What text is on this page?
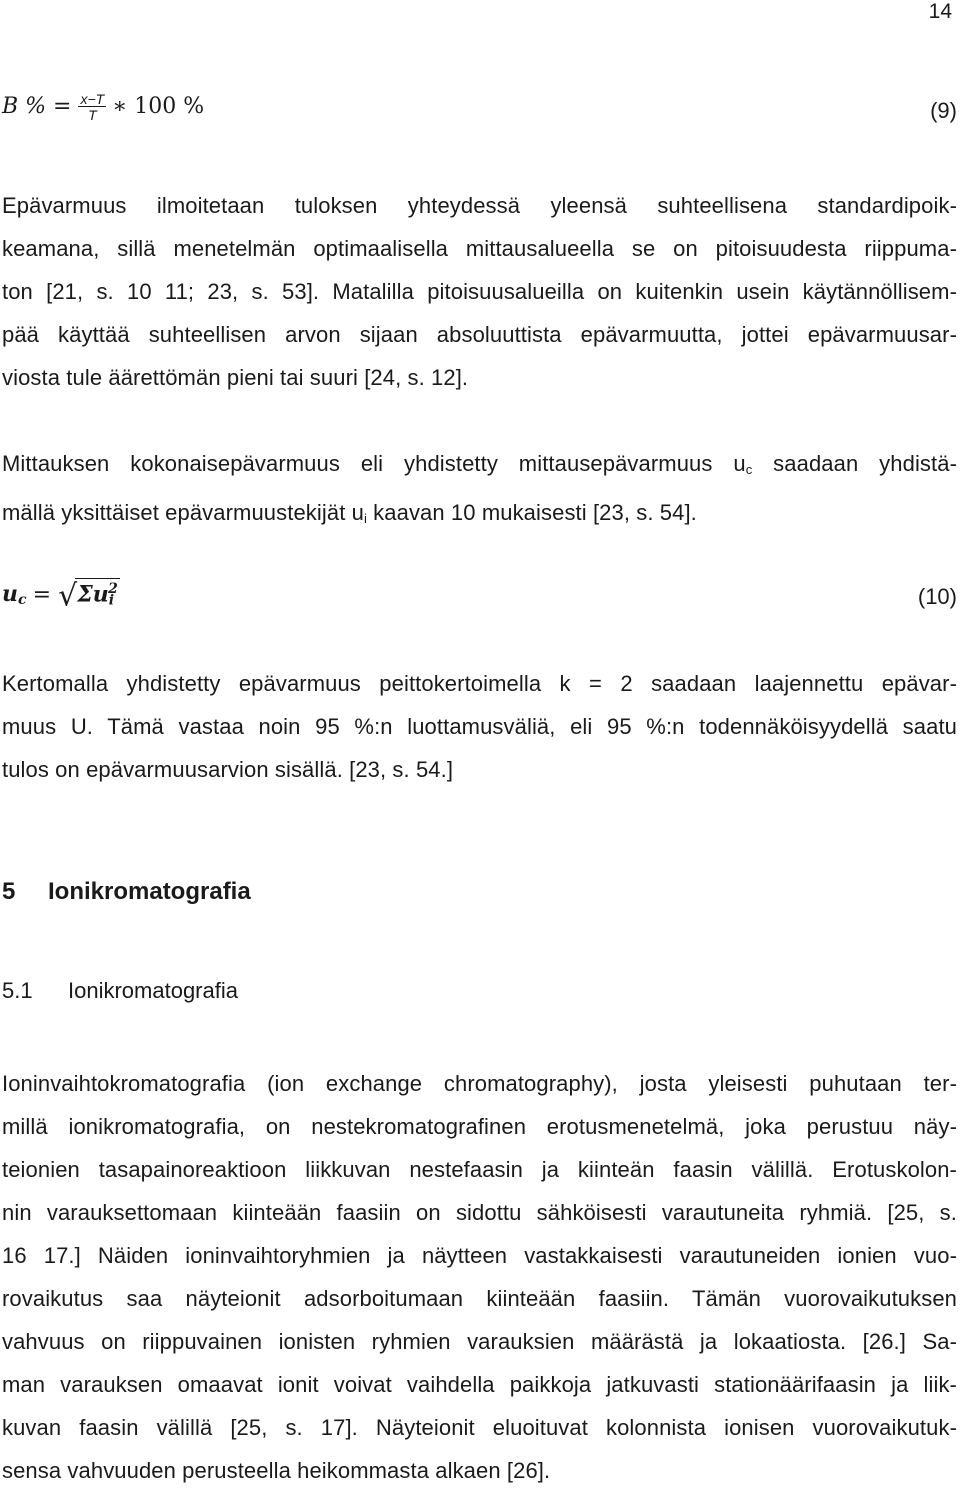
14
B % = $\frac{x-T}{T}$ ∗ 100 %	(9)
Epävarmuus ilmoitetaan tuloksen yhteydessä yleensä suhteellisena standardipoik-
keamana, sillä menetelmän optimaalisella mittausalueella se on pitoisuudesta riippuma-
ton [21, s. 10 11; 23, s. 53]. Matalilla pitoisuusalueilla on kuitenkin usein käytännöllisem-
pää käyttää suhteellisen arvon sijaan absoluuttista epävarmuutta, jottei epävarmuusar-
viosta tule äärettömän pieni tai suuri [24, s. 12].
Mittauksen kokonaisepävarmuus eli yhdistetty mittausepävarmuus $u_c$ saadaan yhdistä-
mällä yksittäiset epävarmuustekijät $u_i$ kaavan 10 mukaisesti [23, s. 54].
$u_c = √\Sigma u_i^2$	(10)
Kertomalla yhdistetty epävarmuus peittokertoimella k = 2 saadaan laajennettu epävar-
muus U. Tämä vastaa noin 95 %:n luottamusväliä, eli 95 %:n todennäköisyydellä saatu
tulos on epävarmuusarvion sisällä. [23, s. 54.]
5 Ionikromatografia
5.1 Ionikromatografia
Ioninvaihtokromatografia (ion exchange chromatography), josta yleisesti puhutaan ter-
millä ionikromatografia, on nestekromatografinen erotusmenetelmä, joka perustuu näy-
teionien tasapainoreaktioon liikkuvan nestefaasin ja kiinteän faasin välillä. Erotuskolon-
nin varauksettomaan kiinteään faasiin on sidottu sähköisesti varautuneita ryhmiä. [25, s.
16 17.] Näiden ioninvaihtoryhmien ja näytteen vastakkaisesti varautuneiden ionien vuo-
rovaikutus saa näyteionit adsorboitumaan kiinteään faasiin. Tämän vuorovaikutuksen
vahvuus on riippuvainen ionisten ryhmien varauksien määrästä ja lokaatiosta. [26.] Sa-
man varauksen omaavat ionit voivat vaihdella paikkoja jatkuvasti stationäärifaasin ja liik-
kuvan faasin välillä [25, s. 17]. Näyteionit eluoituvat kolonnista ionisen vuorovaikutuk-
sensa vahvuuden perusteella heikommasta alkaen [26].
